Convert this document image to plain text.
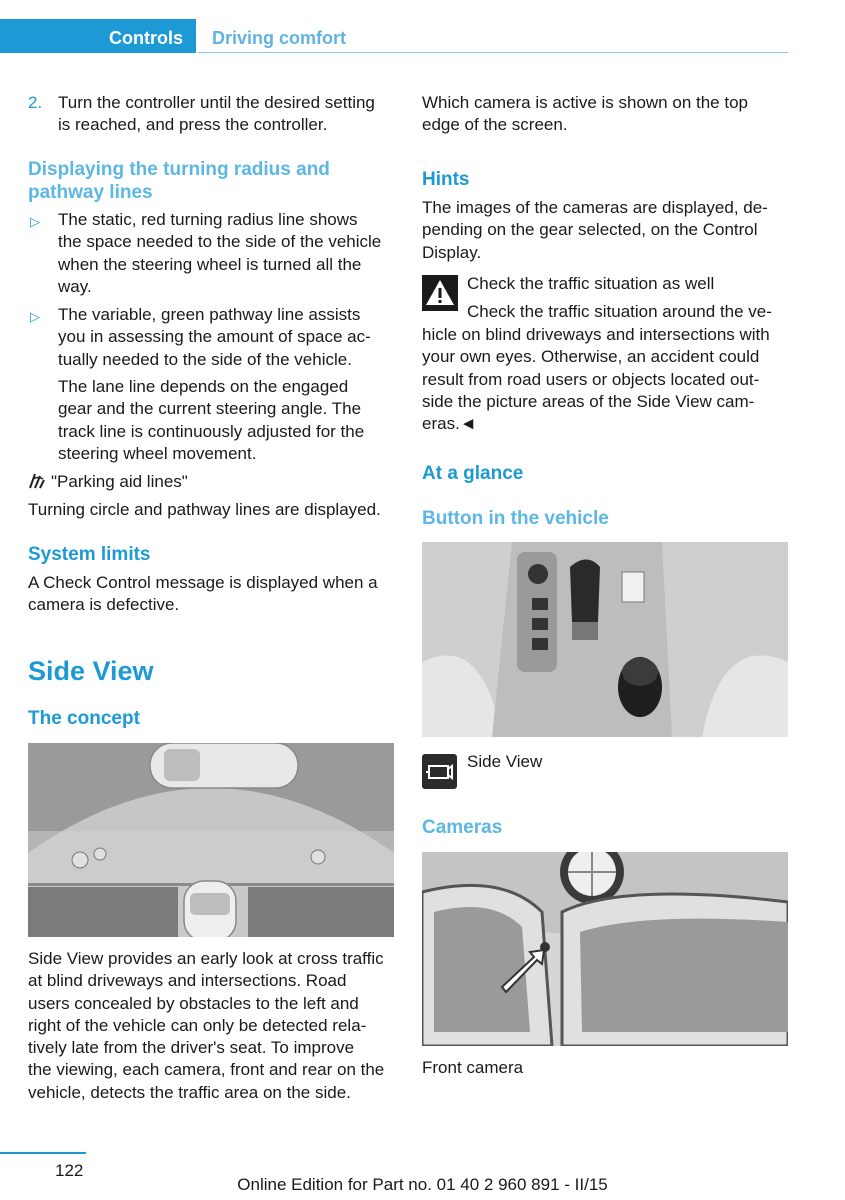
Controls	Driving comfort
2. Turn the controller until the desired setting
is reached, and press the controller.
Displaying the turning radius and
pathway lines
▷ The static, red turning radius line shows
the space needed to the side of the vehicle
when the steering wheel is turned all the
way.
▷ The variable, green pathway line assists
you in assessing the amount of space ac‐
tually needed to the side of the vehicle.
The lane line depends on the engaged
gear and the current steering angle. The
track line is continuously adjusted for the
steering wheel movement.
"Parking aid lines"
Turning circle and pathway lines are displayed.
System limits
A Check Control message is displayed when a
camera is defective.
Side View
The concept
Side View provides an early look at cross traffic
at blind driveways and intersections. Road
users concealed by obstacles to the left and
right of the vehicle can only be detected rela‐
tively late from the driver's seat. To improve
the viewing, each camera, front and rear on the
vehicle, detects the traffic area on the side.
Which camera is active is shown on the top
edge of the screen.
Hints
The images of the cameras are displayed, de‐
pending on the gear selected, on the Control
Display.
Check the traffic situation as well
Check the traffic situation around the ve‐
hicle on blind driveways and intersections with
your own eyes. Otherwise, an accident could
result from road users or objects located out‐
side the picture areas of the Side View cam‐
eras.◄
At a glance
Button in the vehicle
Side View
Cameras
Front camera
122
Online Edition for Part no. 01 40 2 960 891 - II/15
